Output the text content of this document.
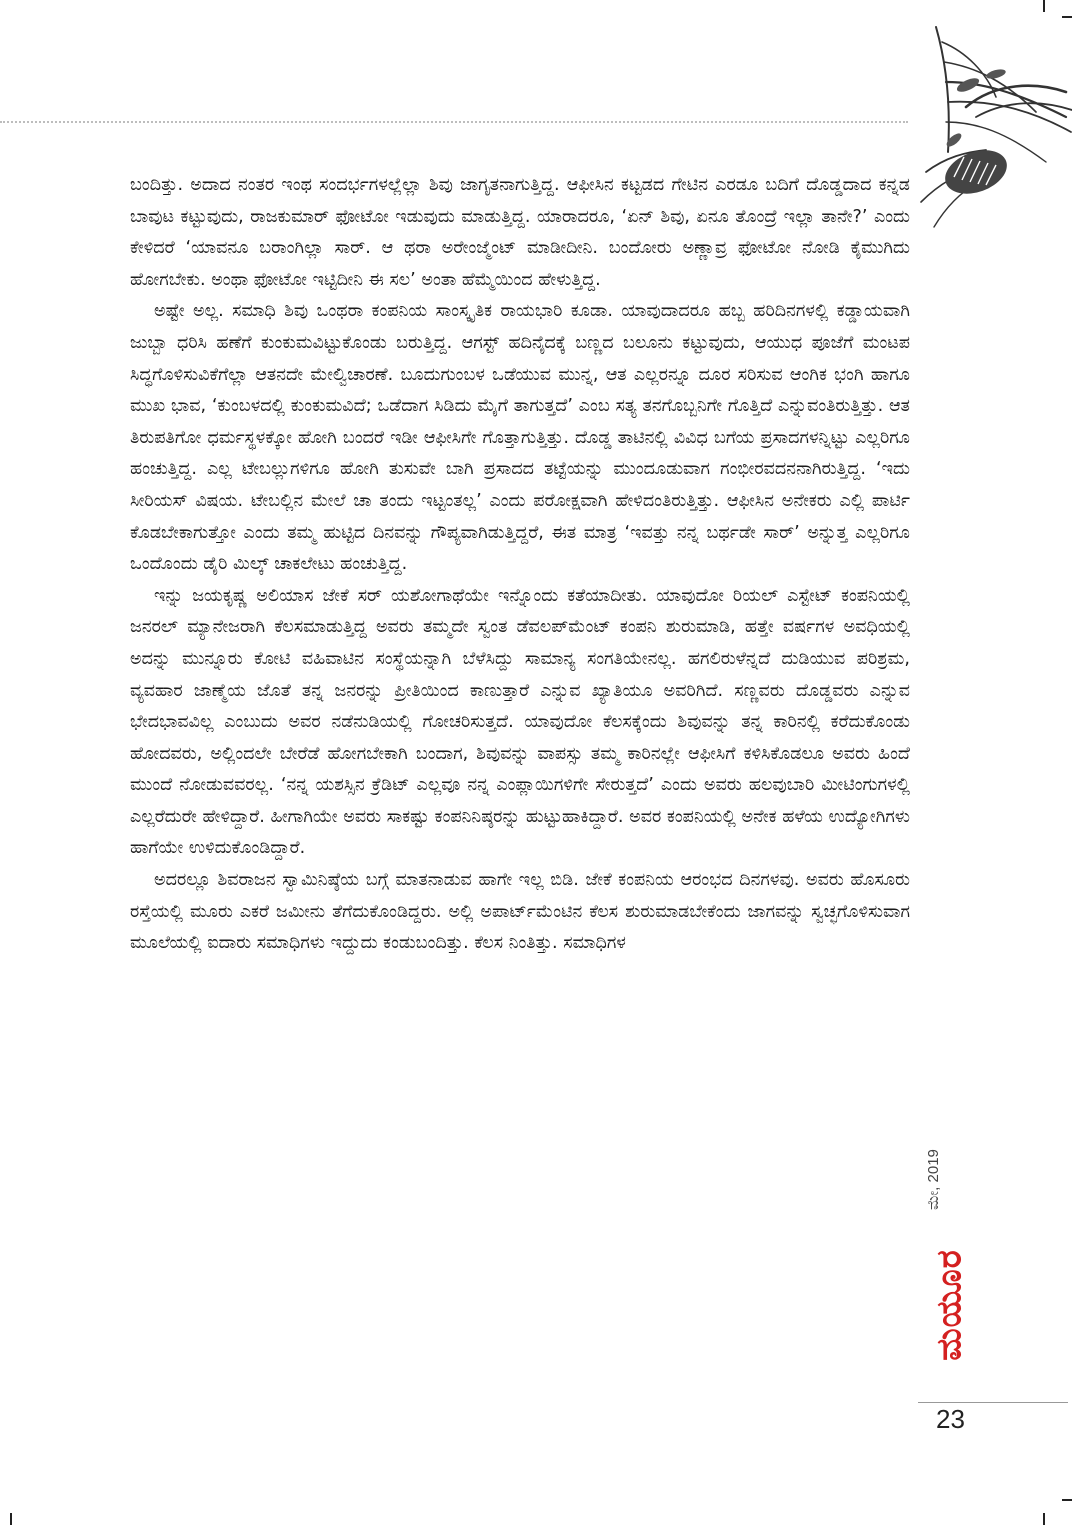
ಬಂದಿತ್ತು. ಅದಾದ ನಂತರ ಇಂಥ ಸಂದರ್ಭಗಳಲ್ಲೆಲ್ಲಾ ಶಿವು ಜಾಗೃತನಾಗುತ್ತಿದ್ದ. ಆಫೀಸಿನ ಕಟ್ಟಡದ ಗೇಟಿನ ಎರಡೂ ಬದಿಗೆ ದೊಡ್ಡದಾದ ಕನ್ನಡ ಬಾವುಟ ಕಟ್ಟುವುದು, ರಾಜಕುಮಾರ್ ಫೋಟೋ ಇಡುವುದು ಮಾಡುತ್ತಿದ್ದ. ಯಾರಾದರೂ, ‘ಏನ್ ಶಿವು, ಏನೂ ತೊಂದ್ರೆ ಇಲ್ಲಾ ತಾನೇ?’ ಎಂದು ಕೇಳಿದರೆ ‘ಯಾವನೂ ಬರಾಂಗಿಲ್ಲಾ ಸಾರ್. ಆ ಥರಾ ಅರೇಂಜ್ಮೆಂಟ್ ಮಾಡೀದೀನಿ. ಬಂದೋರು ಅಣ್ಣಾವ್ರ ಫೋಟೋ ನೋಡಿ ಕೈಮುಗಿದು ಹೋಗಬೇಕು. ಅಂಥಾ ಫೋಟೋ ಇಟ್ಟಿದೀನಿ ಈ ಸಲ’ ಅಂತಾ ಹೆಮ್ಮೆಯಿಂದ ಹೇಳುತ್ತಿದ್ದ.

ಅಷ್ಟೇ ಅಲ್ಲ. ಸಮಾಧಿ ಶಿವು ಒಂಥರಾ ಕಂಪನಿಯ ಸಾಂಸ್ಕೃತಿಕ ರಾಯಭಾರಿ ಕೂಡಾ. ಯಾವುದಾದರೂ ಹಬ್ಬ ಹರಿದಿನಗಳಲ್ಲಿ ಕಡ್ಡಾಯವಾಗಿ ಜುಬ್ಬಾ ಧರಿಸಿ ಹಣೆಗೆ ಕುಂಕುಮವಿಟ್ಟುಕೊಂಡು ಬರುತ್ತಿದ್ದ. ಆಗಸ್ಟ್ ಹದಿನೈದಕ್ಕೆ ಬಣ್ಣದ ಬಲೂನು ಕಟ್ಟುವುದು, ಆಯುಧ ಪೂಜೆಗೆ ಮಂಟಪ ಸಿದ್ಧಗೊಳಿಸುವಿಕೆಗೆಲ್ಲಾ ಆತನದೇ ಮೇಲ್ವಿಚಾರಣೆ. ಬೂದುಗುಂಬಳ ಒಡೆಯುವ ಮುನ್ನ, ಆತ ಎಲ್ಲರನ್ನೂ ದೂರ ಸರಿಸುವ ಆಂಗಿಕ ಭಂಗಿ ಹಾಗೂ ಮುಖ ಭಾವ, ‘ಕುಂಬಳದಲ್ಲಿ ಕುಂಕುಮವಿದೆ; ಒಡೆದಾಗ ಸಿಡಿದು ಮೈಗೆ ತಾಗುತ್ತದೆ’ ಎಂಬ ಸತ್ಯ ತನಗೊಬ್ಬನಿಗೇ ಗೊತ್ತಿದೆ ಎನ್ನುವಂತಿರುತ್ತಿತ್ತು. ಆತ ತಿರುಪತಿಗೋ ಧರ್ಮಸ್ಥಳಕ್ಕೋ ಹೋಗಿ ಬಂದರೆ ಇಡೀ ಆಫೀಸಿಗೇ ಗೊತ್ತಾಗುತ್ತಿತ್ತು. ದೊಡ್ಡ ತಾಟಿನಲ್ಲಿ ವಿವಿಧ ಬಗೆಯ ಪ್ರಸಾದಗಳನ್ನಿಟ್ಟು ಎಲ್ಲರಿಗೂ ಹಂಚುತ್ತಿದ್ದ. ಎಲ್ಲ ಟೇಬಲ್ಲುಗಳಿಗೂ ಹೋಗಿ ತುಸುವೇ ಬಾಗಿ ಪ್ರಸಾದದ ತಟ್ಟೆಯನ್ನು ಮುಂದೂಡುವಾಗ ಗಂಭೀರವದನನಾಗಿರುತ್ತಿದ್ದ. ‘ಇದು ಸೀರಿಯಸ್ ವಿಷಯ. ಟೇಬಲ್ಲಿನ ಮೇಲೆ ಚಾ ತಂದು ಇಟ್ಟಂತಲ್ಲ’ ಎಂದು ಪರೋಕ್ಷವಾಗಿ ಹೇಳಿದಂತಿರುತ್ತಿತ್ತು. ಆಫೀಸಿನ ಅನೇಕರು ಎಲ್ಲಿ ಪಾರ್ಟಿ ಕೊಡಬೇಕಾಗುತ್ತೋ ಎಂದು ತಮ್ಮ ಹುಟ್ಟಿದ ದಿನವನ್ನು ಗೌಪ್ಯವಾಗಿಡುತ್ತಿದ್ದರೆ, ಈತ ಮಾತ್ರ ‘ಇವತ್ತು ನನ್ನ ಬರ್ಥಡೇ ಸಾರ್’ ಅನ್ನುತ್ತ ಎಲ್ಲರಿಗೂ ಒಂದೊಂದು ಡೈರಿ ಮಿಲ್ಕ್ ಚಾಕಲೇಟು ಹಂಚುತ್ತಿದ್ದ.

ಇನ್ನು ಜಯಕೃಷ್ಣ ಅಲಿಯಾಸ ಜೇಕೆ ಸರ್ ಯಶೋಗಾಥೆಯೇ ಇನ್ನೊಂದು ಕತೆಯಾದೀತು. ಯಾವುದೋ ರಿಯಲ್ ಎಸ್ಟೇಟ್ ಕಂಪನಿಯಲ್ಲಿ ಜನರಲ್ ಮ್ಯಾನೇಜರಾಗಿ ಕೆಲಸಮಾಡುತ್ತಿದ್ದ ಅವರು ತಮ್ಮದೇ ಸ್ವಂತ ಡೆವಲಪ್‌ಮೆಂಟ್ ಕಂಪನಿ ಶುರುಮಾಡಿ, ಹತ್ತೇ ವರ್ಷಗಳ ಅವಧಿಯಲ್ಲಿ ಅದನ್ನು ಮುನ್ನೂರು ಕೋಟಿ ವಹಿವಾಟಿನ ಸಂಸ್ಥೆಯನ್ನಾಗಿ ಬೆಳೆಸಿದ್ದು ಸಾಮಾನ್ಯ ಸಂಗತಿಯೇನಲ್ಲ. ಹಗಲಿರುಳೆನ್ನದೆ ದುಡಿಯುವ ಪರಿಶ್ರಮ, ವ್ಯವಹಾರ ಜಾಣ್ಮೆಯ ಜೊತೆ ತನ್ನ ಜನರನ್ನು ಪ್ರೀತಿಯಿಂದ ಕಾಣುತ್ತಾರೆ ಎನ್ನುವ ಖ್ಯಾತಿಯೂ ಅವರಿಗಿದೆ. ಸಣ್ಣವರು ದೊಡ್ಡವರು ಎನ್ನುವ ಭೇದಭಾವವಿಲ್ಲ ಎಂಬುದು ಅವರ ನಡೆನುಡಿಯಲ್ಲಿ ಗೋಚರಿಸುತ್ತದೆ. ಯಾವುದೋ ಕೆಲಸಕ್ಕೆಂದು ಶಿವುವನ್ನು ತನ್ನ ಕಾರಿನಲ್ಲಿ ಕರೆದುಕೊಂಡು ಹೋದವರು, ಅಲ್ಲಿಂದಲೇ ಬೇರೆಡೆ ಹೋಗಬೇಕಾಗಿ ಬಂದಾಗ, ಶಿವುವನ್ನು ವಾಪಸ್ಸು ತಮ್ಮ ಕಾರಿನಲ್ಲೇ ಆಫೀಸಿಗೆ ಕಳಿಸಿಕೊಡಲೂ ಅವರು ಹಿಂದೆ ಮುಂದೆ ನೋಡುವವರಲ್ಲ. ‘ನನ್ನ ಯಶಸ್ಸಿನ ಕ್ರೆಡಿಟ್ ಎಲ್ಲವೂ ನನ್ನ ಎಂಪ್ಲಾಯಿಗಳಿಗೇ ಸೇರುತ್ತದೆ’ ಎಂದು ಅವರು ಹಲವುಬಾರಿ ಮೀಟಿಂಗುಗಳಲ್ಲಿ ಎಲ್ಲರೆದುರೇ ಹೇಳಿದ್ದಾರೆ. ಹೀಗಾಗಿಯೇ ಅವರು ಸಾಕಷ್ಟು ಕಂಪನಿನಿಷ್ಠರನ್ನು ಹುಟ್ಟುಹಾಕಿದ್ದಾರೆ. ಅವರ ಕಂಪನಿಯಲ್ಲಿ ಅನೇಕ ಹಳೆಯ ಉದ್ಯೋಗಿಗಳು ಹಾಗೆಯೇ ಉಳಿದುಕೊಂಡಿದ್ದಾರೆ.

ಅದರಲ್ಲೂ ಶಿವರಾಜನ ಸ್ವಾಮಿನಿಷ್ಠೆಯ ಬಗ್ಗೆ ಮಾತನಾಡುವ ಹಾಗೇ ಇಲ್ಲ ಬಿಡಿ. ಜೇಕೆ ಕಂಪನಿಯ ಆರಂಭದ ದಿನಗಳವು. ಅವರು ಹೊಸೂರು ರಸ್ತೆಯಲ್ಲಿ ಮೂರು ಎಕರೆ ಜಮೀನು ತೆಗೆದುಕೊಂಡಿದ್ದರು. ಅಲ್ಲಿ ಅಪಾರ್ಟ್‌ಮೆಂಟಿನ ಕೆಲಸ ಶುರುಮಾಡಬೇಕೆಂದು ಜಾಗವನ್ನು ಸ್ವಚ್ಛಗೊಳಿಸುವಾಗ ಮೂಲೆಯಲ್ಲಿ ಐದಾರು ಸಮಾಧಿಗಳು ಇದ್ದುದು ಕಂಡುಬಂದಿತ್ತು. ಕೆಲಸ ನಿಂತಿತ್ತು. ಸಮಾಧಿಗಳ

ಮೇ, 2019
ಮಯೂರ
23
